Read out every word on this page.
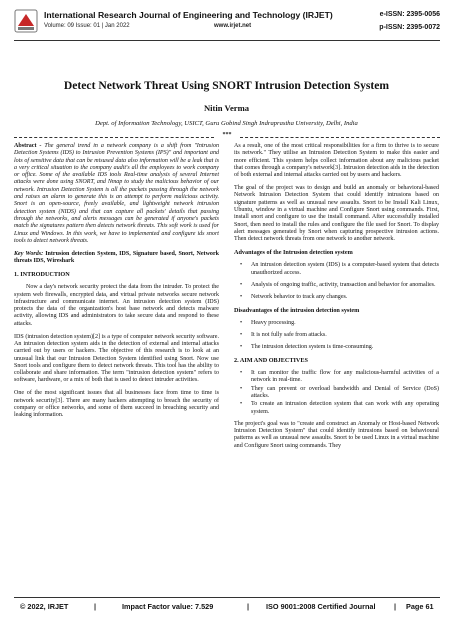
International Research Journal of Engineering and Technology (IRJET)
Volume: 09 Issue: 01 | Jan 2022	www.irjet.net
e-ISSN: 2395-0056
p-ISSN: 2395-0072
Detect Network Threat Using SNORT Intrusion Detection System
Nitin Verma
Dept. of Information Technology, USICT, Guru Gobind Singh Indraprastha University, Delhi, India
***

Abstract - The general trend in a network company is a shift from "Intrusion Detection Systems (IDS) to Intrusion Prevention Systems (IPS)" and important and lots of sensitive data that can be misused data also information will be a leak that is a very critical situation to the company audit's all the employees to work company or office. Some of the available IDS tools Real-time analysis of several Internet attacks were done using SNORT, and Nmap to study the malicious behavior of our network. Intrusion Detection System is all the packets passing through the network and raises an alarm to generate this is an attempt to perform malicious activity. Snort is an open-source, freely available, and lightweight network intrusion detection system (NIDS) and that can capture all packets' details that passing through the networks, and alerts messages can be generated if anyone's packets match the signatures pattern then detects network threats. This soft work is used for Linux and Windows. In this work, we have to implemented and configure ids snort tools to detect network threats.

Key Words: Intrusion detection System, IDS, Signature based, Snort, Network threats IDS, Wireshark

1. INTRODUCTION

Now a day's network security protect the data from the intruder. To protect the system web firewalls, encrypted data, and virtual private networks secure network infrastructure and communicate internet. An intrusion detection system (IDS) protects the data of the organization's host base network and detects malware activity, allowing IDS and administrators to take secure data and respond to these attacks.

IDS (intrusion detection system)[2] is a type of computer network security software. An intrusion detection system aids in the detection of external and internal attacks carried out by users or hackers. The objective of this research is to look at an unusual link that our Intrusion Detection System identified using Snort. Now use Snort tools and configure them to detect network threats. This tool has the ability to collaborate and share information. The term "intrusion detection system" refers to software, hardware, or a mix of both that is used to detect intruder activities.

One of the most significant issues that all businesses face from time to time is network security[3]. There are many hackers attempting to breach the security of company or office networks, and some of them succeed in breaching security and leaking information.

As a result, one of the most critical responsibilities for a firm to thrive is to secure its network." They utilise an Intrusion Detection System to make this easier and more efficient. This system helps collect information about any malicious packet that comes through a company's network[3]. Intrusion detection aids in the detection of both external and internal attacks carried out by users and hackers.

The goal of the project was to design and build an anomaly or behavioral-based Network Intrusion Detection System that could identify intrusions based on signature patterns as well as unusual new assaults. Snort to be Install Kali Linux, Ubuntu, window in a virtual machine and Configure Snort using commands. First, install snort and configure to use the install command. After successfully installed Snort, then need to install the rules and configure the file used for Snort. To display alert messages generated by Snort when capturing prospective intrusion actions. Then detect network threats from one network to another network.

Advantages of the Intrusion detection system
• An intrusion detection system (IDS) is a computer-based system that detects unauthorized access.
• Analysis of ongoing traffic, activity, transaction and behavior for anomalies.
• Network behavior to track any changes.
Disadvantages of the intrusion detection system
• Heavy processing.
• It is not fully safe from attacks.
• The intrusion detection system is time-consuming.
2. AIM AND OBJECTIVES
• It can monitor the traffic flow for any malicious-harmful activities of a network in real-time.
• They can prevent or overload bandwidth and Denial of Service (DoS) attacks.
• To create an intrusion detection system that can work with any operating system.

The project's goal was to "create and construct an Anomaly or Host-based Network Intrusion Detection System" that could identify intrusions based on behavioural patterns as well as unusual new assaults. Snort to be used Linux in a virtual machine and Configure Snort using commands. They

© 2022, IRJET	|	Impact Factor value: 7.529	| ISO 9001:2008 Certified Journal	| Page 61
